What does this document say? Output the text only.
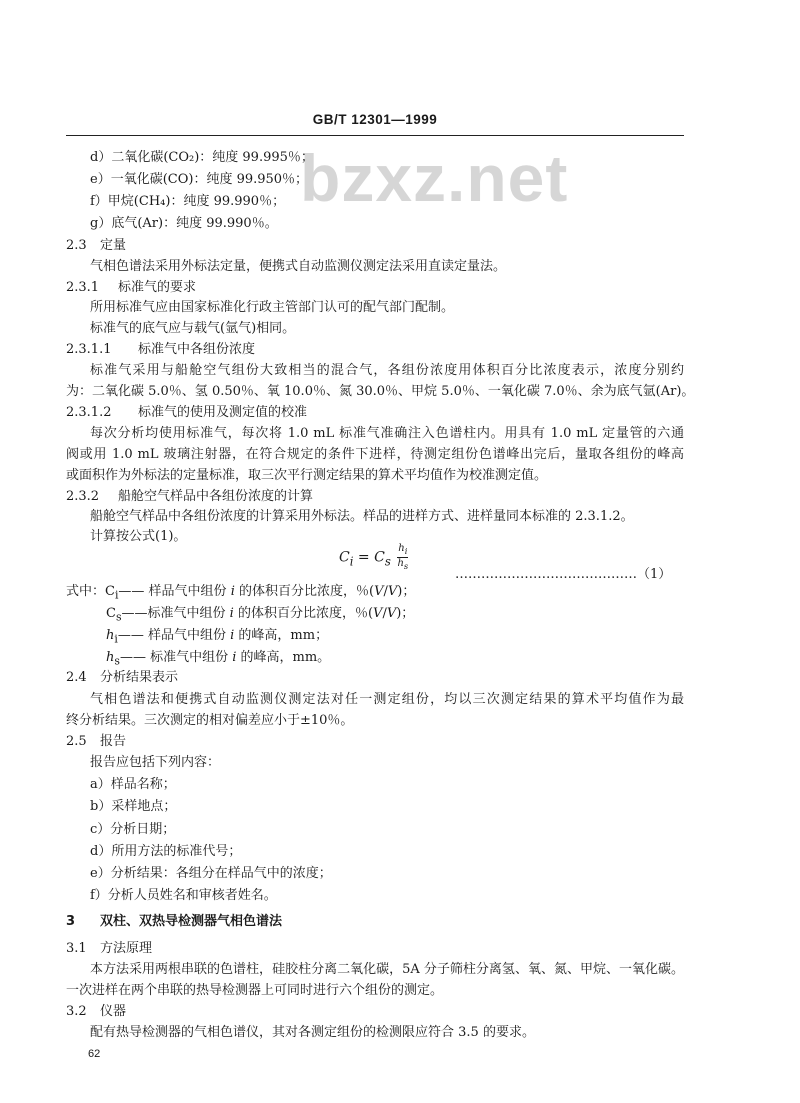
GB/T 12301—1999
bzxz.net
d）二氧化碳(CO₂)：纯度 99.995％；
e）一氧化碳(CO)：纯度 99.950％；
f）甲烷(CH₄)：纯度 99.990％；
g）底气(Ar)：纯度 99.990％。
2.3 定量
气相色谱法采用外标法定量，便携式自动监测仪测定法采用直读定量法。
2.3.1 标准气的要求
所用标准气应由国家标准化行政主管部门认可的配气部门配制。
标准气的底气应与载气(氩气)相同。
2.3.1.1 标准气中各组份浓度
标准气采用与船舱空气组份大致相当的混合气，各组份浓度用体积百分比浓度表示，浓度分别约
为：二氧化碳 5.0％、氢 0.50％、氧 10.0％、氮 30.0％、甲烷 5.0％、一氧化碳 7.0％、余为底气氩(Ar)。
2.3.1.2 标准气的使用及测定值的校准
每次分析均使用标准气，每次将 1.0 mL 标准气准确注入色谱柱内。用具有 1.0 mL 定量管的六通
阀或用 1.0 mL 玻璃注射器，在符合规定的条件下进样，待测定组份色谱峰出完后，量取各组份的峰高
或面积作为外标法的定量标准，取三次平行测定结果的算术平均值作为校准测定值。
2.3.2 船舱空气样品中各组份浓度的计算
船舱空气样品中各组份浓度的计算采用外标法。样品的进样方式、进样量同本标准的 2.3.1.2。
计算按公式(1)。
……………………………………（1）
式中：$C_i——$ 样品气中组份 i 的体积百分比浓度，％(V/V)；
$C_s——$标准气中组份 i 的体积百分比浓度，％(V/V)；
$h_i——$ 样品气中组份 i 的峰高，mm；
$h_s——$ 标准气中组份 i 的峰高，mm。
2.4 分析结果表示
气相色谱法和便携式自动监测仪测定法对任一测定组份，均以三次测定结果的算术平均值作为最
终分析结果。三次测定的相对偏差应小于±10％。
2.5 报告
报告应包括下列内容：
a）样品名称；
b）采样地点；
c）分析日期；
d）所用方法的标准代号；
e）分析结果：各组分在样品气中的浓度；
f）分析人员姓名和审核者姓名。
3 双柱、双热导检测器气相色谱法
3.1 方法原理
本方法采用两根串联的色谱柱，硅胶柱分离二氧化碳，5A 分子筛柱分离氢、氧、氮、甲烷、一氧化碳。
一次进样在两个串联的热导检测器上可同时进行六个组份的测定。
3.2 仪器
配有热导检测器的气相色谱仪，其对各测定组份的检测限应符合 3.5 的要求。
$C_i = C_s \frac{h_i}{h_s}$
62
